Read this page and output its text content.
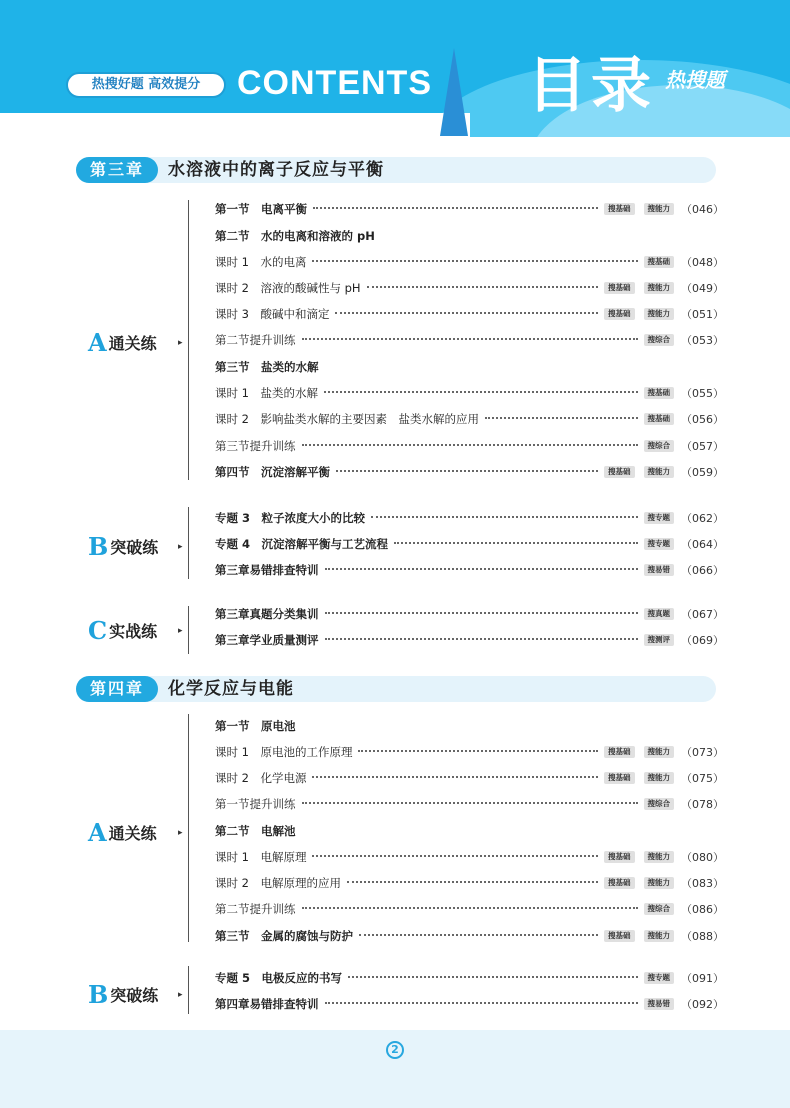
热搜好题 高效提分	CONTENTS 目录 热搜题
第三章	水溶液中的离子反应与平衡
A通关练 ▸
B突破练 ▸
C实战练 ▸
第四章	化学反应与电能
A通关练 ▸
B突破练 ▸
第一节　电离平衡	搜基础	搜能力	（046）
第二节　水的电离和溶液的 pH
课时 1　水的电离	搜基础	（048）
课时 2　溶液的酸碱性与 pH	搜基础	搜能力	（049）
课时 3　酸碱中和滴定	搜基础	搜能力	（051）
第二节提升训练	搜综合	（053）
第三节　盐类的水解
课时 1　盐类的水解	搜基础	（055）
课时 2　影响盐类水解的主要因素　盐类水解的应用	搜基础	（056）
第三节提升训练	搜综合	（057）
第四节　沉淀溶解平衡	搜基础	搜能力	（059）
专题 3　粒子浓度大小的比较	搜专题	（062）
专题 4　沉淀溶解平衡与工艺流程	搜专题	（064）
第三章易错排查特训	搜易错	（066）
第三章真题分类集训	搜真题	（067）
第三章学业质量测评	搜测评	（069）
第一节　原电池
课时 1　原电池的工作原理	搜基础	搜能力	（073）
课时 2　化学电源	搜基础	搜能力	（075）
第一节提升训练	搜综合	（078）
第二节　电解池
课时 1　电解原理	搜基础	搜能力	（080）
课时 2　电解原理的应用	搜基础	搜能力	（083）
第二节提升训练	搜综合	（086）
第三节　金属的腐蚀与防护	搜基础	搜能力	（088）
专题 5　电极反应的书写	搜专题	（091）
第四章易错排查特训	搜易错	（092）
2
